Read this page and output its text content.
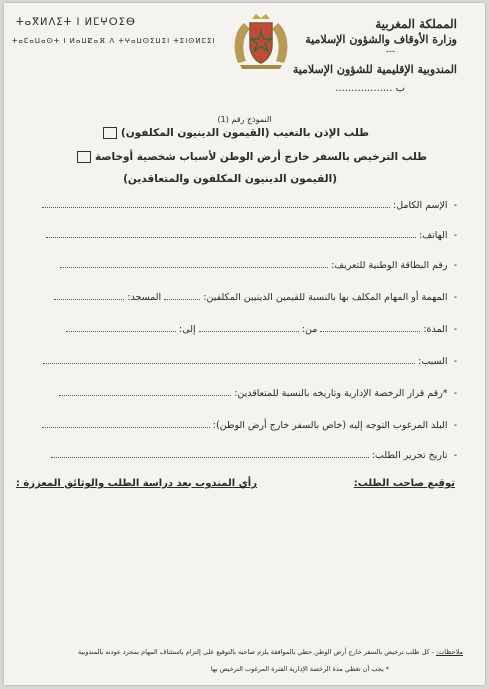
ⵜⴰⴳⵍⴷⵉⵜ ⵏ ⵍⵎⵖⵔⵉⴱ
ⵜⴰⵎⴰⵡⴰⵙⵜ ⵏ ⵍⴰⵡⵇⴰⴼ ⴷ ⵜⵖⴰⵡⵙⵉⵡⵉⵏ ⵜⵉⵏⵙⵍⵎⵉⵏ
المملكة المغربية
وزارة الأوقاف والشؤون الإسلامية
---
المندوبية الإقليمية للشؤون الإسلامية
ب ..................
النموذج رقم (1)
طلب الإذن بالتغيب (القيمون الدينيون المكلفون)
طلب الترخيص بالسفر خارج أرض الوطن لأسباب شخصية أوخاصة
(القيمون الدينيون المكلفون والمتعاقدين)
-الإسم الكامل:
-الهاتف:
-رقم البطاقة الوطنية للتعريف:
-المهمة أو المهام المكلف بها بالنسبة للقيمين الدينيين المكلفين:  المسجد:
-المدة:  من:  إلى:
-السبب:
-*رقم قرار الرخصة الإدارية وتاريخه بالنسبة للمتعاقدين:
-البلد المرغوب التوجه إليه (خاص بالسفر خارج أرض الوطن):
-تاريخ تحرير الطلب:
توقيع صاحب الطلب:
رأي المندوب بعد دراسة الطلب والوثائق المعززة :
ملاحظات: - كل طلب ترخيص بالسفر خارج أرض الوطن حظي بالموافقة يلزم صاحبه بالتوقيع على إلتزام باستئناف المهام بمجرد عودته بالمندوبية
* يجب أن تغطي مدة الرخصة الإدارية الفترة المرغوب الترخيص بها
